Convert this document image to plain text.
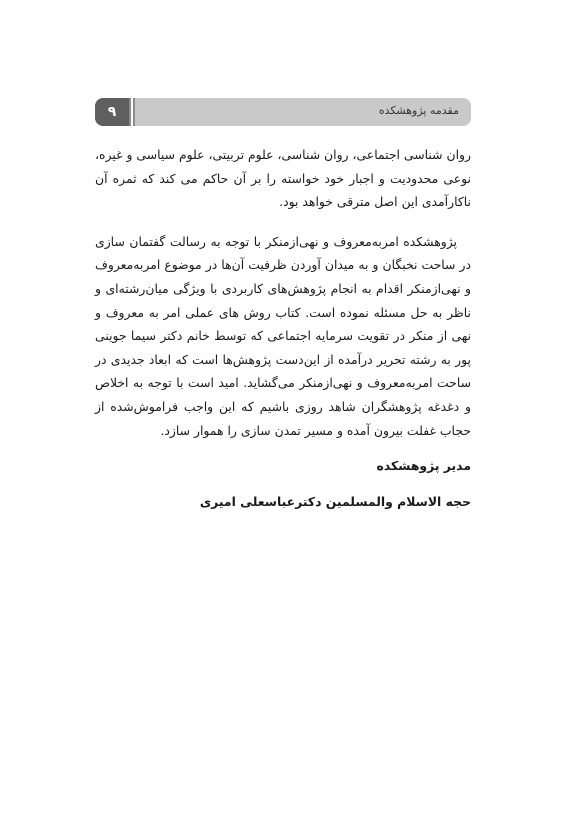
۹	مقدمه پژوهشکده

روان شناسی اجتماعی، روان شناسی، علوم تربیتی، علوم سیاسی و غیره، نوعی محدودیت و اجبار خود خواسته را بر آن حاکم می کند که ثمره آن ناکارآمدی این اصل مترقی خواهد بود.

پژوهشکده امربه‌معروف و نهی‌ازمنکر با توجه به رسالت گفتمان سازی در ساحت نخبگان و به میدان آوردن ظرفیت آن‌ها در موضوع امربه‌معروف و نهی‌ازمنکر اقدام به انجام پژوهش‌های کاربردی با ویژگی میان‌رشته‌ای و ناظر به حل مسئله نموده است. کتاب روش های عملی امر به معروف و نهی از منکر در تقویت سرمایه اجتماعی که توسط خانم دکتر سیما جوینی پور به رشته تحریر درآمده از این‌دست پژوهش‌ها است که ابعاد جدیدی در ساحت امربه‌معروف و نهی‌ازمنکر می‌گشاید. امید است با توجه به اخلاص و دغدغه پژوهشگران شاهد روزی باشیم که این واجب فراموش‌شده از حجاب غفلت بیرون آمده و مسیر تمدن سازی را هموار سازد.

مدیر پژوهشکده

حجه الاسلام والمسلمین دکترعباسعلی امیری
